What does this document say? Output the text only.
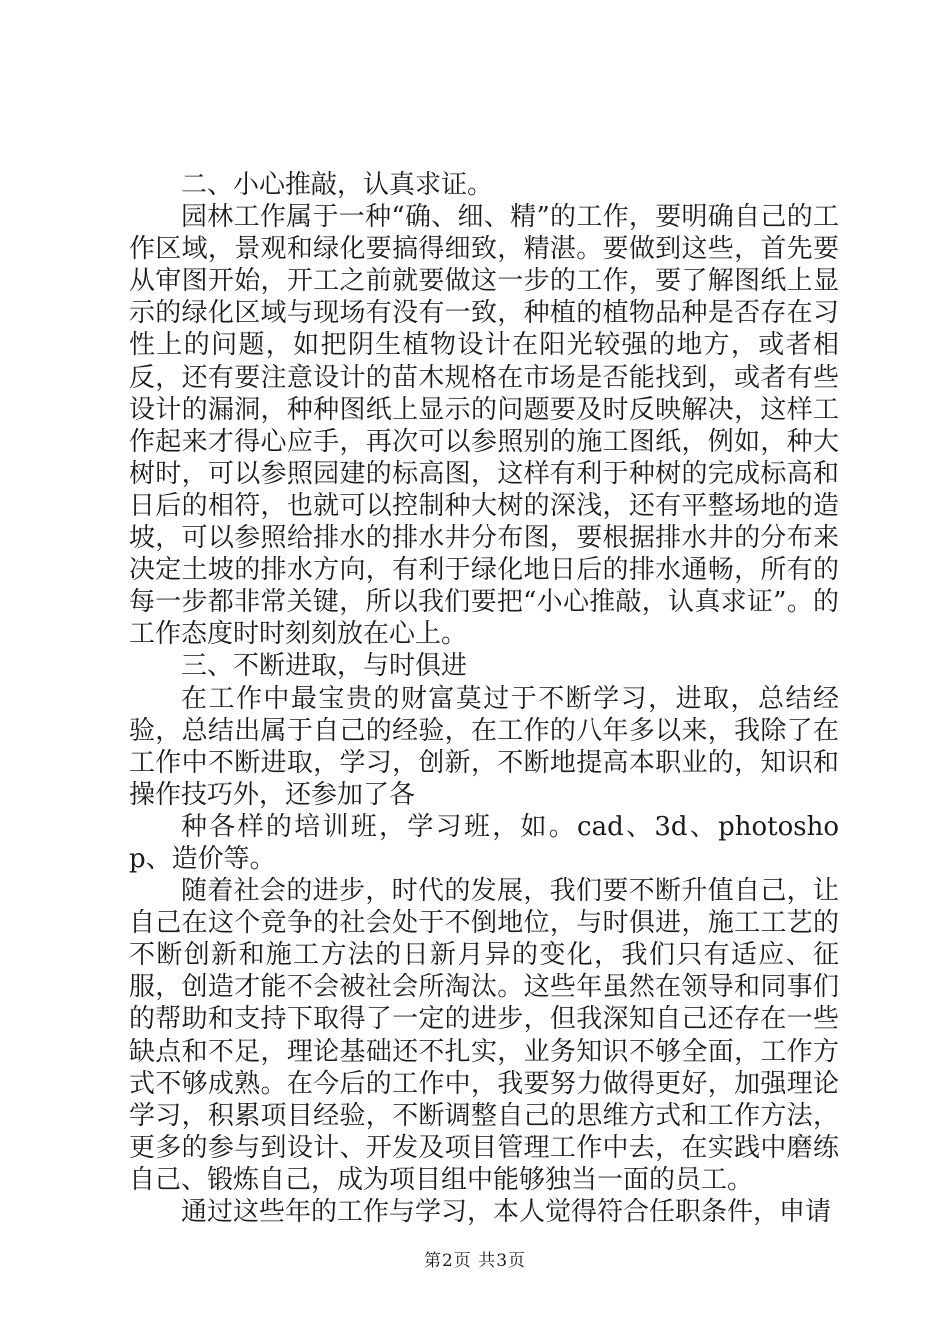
二、小心推敲，认真求证。

园林工作属于一种“确、细、精”的工作，要明确自己的工作区域，景观和绿化要搞得细致，精湛。要做到这些，首先要从审图开始，开工之前就要做这一步的工作，要了解图纸上显示的绿化区域与现场有没有一致，种植的植物品种是否存在习性上的问题，如把阴生植物设计在阳光较强的地方，或者相反，还有要注意设计的苗木规格在市场是否能找到，或者有些设计的漏洞，种种图纸上显示的问题要及时反映解决，这样工作起来才得心应手，再次可以参照别的施工图纸，例如，种大树时，可以参照园建的标高图，这样有利于种树的完成标高和日后的相符，也就可以控制种大树的深浅，还有平整场地的造坡，可以参照给排水的排水井分布图，要根据排水井的分布来决定土坡的排水方向，有利于绿化地日后的排水通畅，所有的每一步都非常关键，所以我们要把“小心推敲，认真求证”。的工作态度时时刻刻放在心上。

三、不断进取，与时俱进

在工作中最宝贵的财富莫过于不断学习，进取，总结经验，总结出属于自己的经验，在工作的八年多以来，我除了在工作中不断进取，学习，创新，不断地提高本职业的，知识和操作技巧外，还参加了各

种各样的培训班，学习班，如。cad、3d、photoshop、造价等。

随着社会的进步，时代的发展，我们要不断升值自己，让自己在这个竞争的社会处于不倒地位，与时俱进，施工工艺的不断创新和施工方法的日新月异的变化，我们只有适应、征服，创造才能不会被社会所淘汰。这些年虽然在领导和同事们的帮助和支持下取得了一定的进步，但我深知自己还存在一些缺点和不足，理论基础还不扎实，业务知识不够全面，工作方式不够成熟。在今后的工作中，我要努力做得更好，加强理论学习，积累项目经验，不断调整自己的思维方式和工作方法，更多的参与到设计、开发及项目管理工作中去，在实践中磨练自己、锻炼自己，成为项目组中能够独当一面的员工。

通过这些年的工作与学习，本人觉得符合任职条件，申请

第2页 共3页
